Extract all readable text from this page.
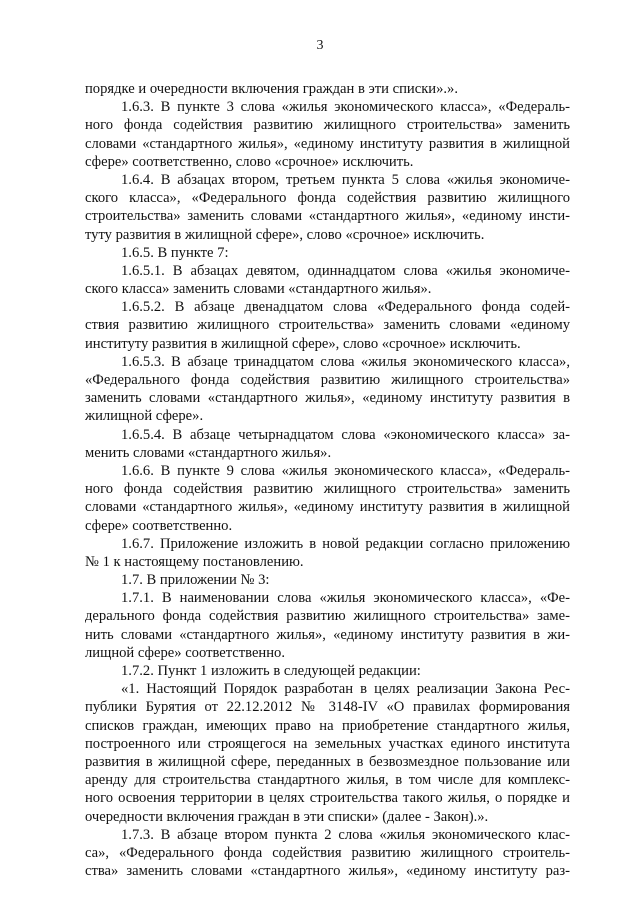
3
порядке и очередности включения граждан в эти списки».».
1.6.3. В пункте 3 слова «жилья экономического класса», «Федераль-
ного фонда содействия развитию жилищного строительства» заменить
словами «стандартного жилья», «единому институту развития в жилищной
сфере» соответственно, слово «срочное» исключить.
1.6.4. В абзацах втором, третьем пункта 5 слова «жилья экономиче-
ского класса», «Федерального фонда содействия развитию жилищного
строительства» заменить словами «стандартного жилья», «единому инсти-
туту развития в жилищной сфере», слово «срочное» исключить.
1.6.5. В пункте 7:
1.6.5.1. В абзацах девятом, одиннадцатом слова «жилья экономиче-
ского класса» заменить словами «стандартного жилья».
1.6.5.2. В абзаце двенадцатом слова «Федерального фонда содей-
ствия развитию жилищного строительства» заменить словами «единому
институту развития в жилищной сфере», слово «срочное» исключить.
1.6.5.3. В абзаце тринадцатом слова «жилья экономического класса»,
«Федерального фонда содействия развитию жилищного строительства»
заменить словами «стандартного жилья», «единому институту развития в
жилищной сфере».
1.6.5.4. В абзаце четырнадцатом слова «экономического класса» за-
менить словами «стандартного жилья».
1.6.6. В пункте 9 слова «жилья экономического класса», «Федераль-
ного фонда содействия развитию жилищного строительства» заменить
словами «стандартного жилья», «единому институту развития в жилищной
сфере» соответственно.
1.6.7. Приложение изложить в новой редакции согласно приложению
№ 1 к настоящему постановлению.
1.7. В приложении № 3:
1.7.1. В наименовании слова «жилья экономического класса», «Фе-
дерального фонда содействия развитию жилищного строительства» заме-
нить словами «стандартного жилья», «единому институту развития в жи-
лищной сфере» соответственно.
1.7.2. Пункт 1 изложить в следующей редакции:
«1. Настоящий Порядок разработан в целях реализации Закона Рес-
публики Бурятия от 22.12.2012 № 3148-IV «О правилах формирования
списков граждан, имеющих право на приобретение стандартного жилья,
построенного или строящегося на земельных участках единого института
развития в жилищной сфере, переданных в безвозмездное пользование или
аренду для строительства стандартного жилья, в том числе для комплекс-
ного освоения территории в целях строительства такого жилья, о порядке и
очередности включения граждан в эти списки» (далее - Закон).».
1.7.3. В абзаце втором пункта 2 слова «жилья экономического клас-
са», «Федерального фонда содействия развитию жилищного строитель-
ства» заменить словами «стандартного жилья», «единому институту раз-
